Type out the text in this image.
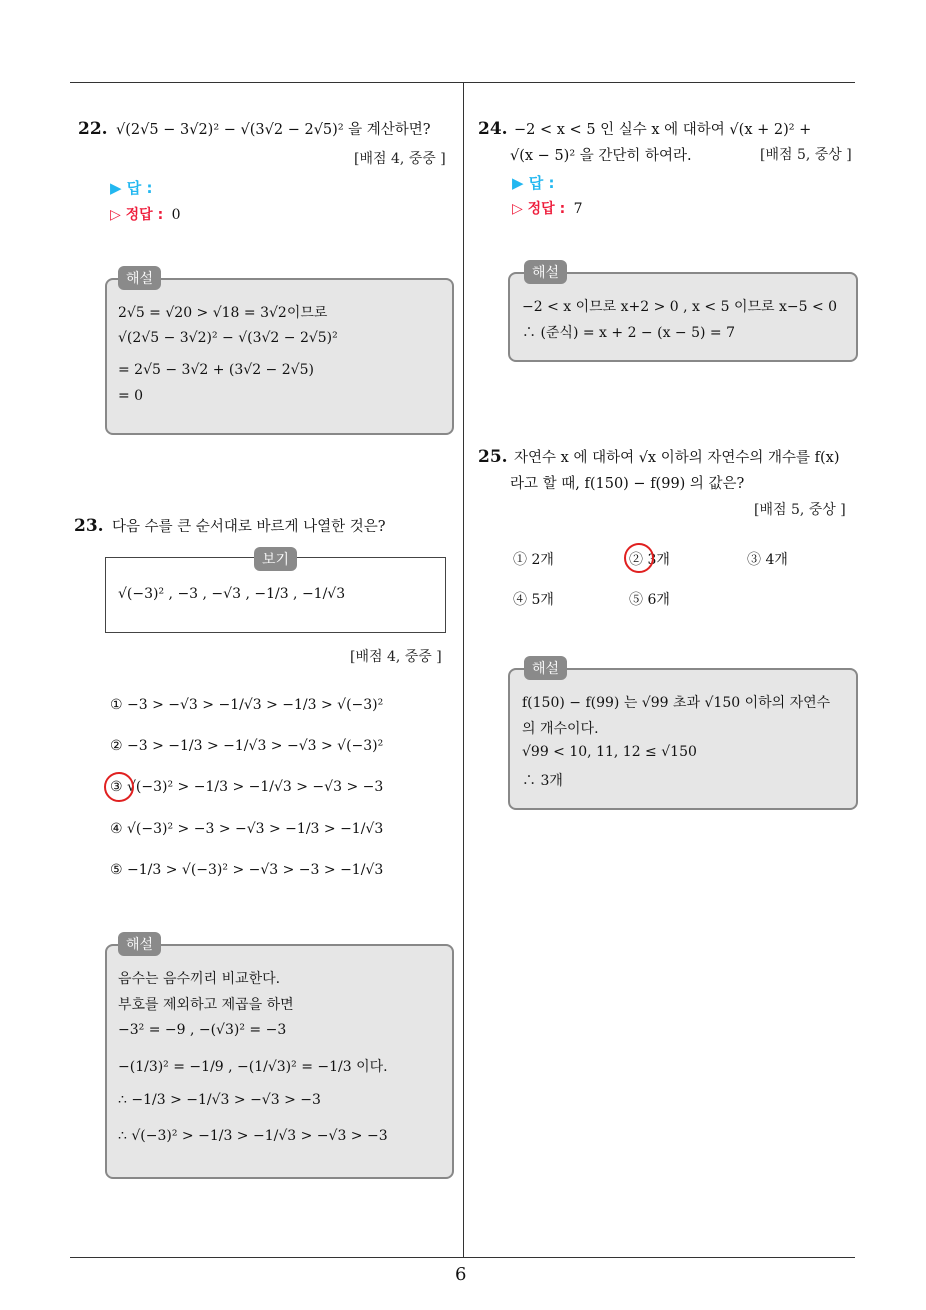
6
22. √(2√5 − 3√2)² − √(3√2 − 2√5)² 을 계산하면?
[배점 4, 중중 ]
▶ 답 :
▷ 정답 : 0
2√5 = √20 > √18 = 3√2이므로
√(2√5 − 3√2)² − √(3√2 − 2√5)²
= 2√5 − 3√2 + (3√2 − 2√5)
= 0
해설
23. 다음 수를 큰 순서대로 바르게 나열한 것은?
√(−3)² , −3 , −√3 , −1/3 , −1/√3
보기
[배점 4, 중중 ]
① −3 > −√3 > −1/√3 > −1/3 > √(−3)²
② −3 > −1/3 > −1/√3 > −√3 > √(−3)²
③ √(−3)² > −1/3 > −1/√3 > −√3 > −3
④ √(−3)² > −3 > −√3 > −1/3 > −1/√3
⑤ −1/3 > √(−3)² > −√3 > −3 > −1/√3
음수는 음수끼리 비교한다.
부호를 제외하고 제곱을 하면
−3² = −9 , −(√3)² = −3
−(1/3)² = −1/9 , −(1/√3)² = −1/3 이다.
∴ −1/3 > −1/√3 > −√3 > −3
∴ √(−3)² > −1/3 > −1/√3 > −√3 > −3
해설
24. −2 < x < 5 인 실수 x 에 대하여 √(x + 2)² +
√(x − 5)² 을 간단히 하여라.	[배점 5, 중상 ]
▶ 답 :
▷ 정답 : 7
−2 < x 이므로 x+2 > 0 , x < 5 이므로 x−5 < 0
∴ (준식) = x + 2 − (x − 5) = 7
해설
25. 자연수 x 에 대하여 √x 이하의 자연수의 개수를 f(x)
라고 할 때, f(150) − f(99) 의 값은?
[배점 5, 중상 ]
① 2개	② 3개	③ 4개
④ 5개	⑤ 6개
f(150) − f(99) 는 √99 초과 √150 이하의 자연수
의 개수이다.
√99 < 10, 11, 12 ≤ √150
∴ 3개
해설
